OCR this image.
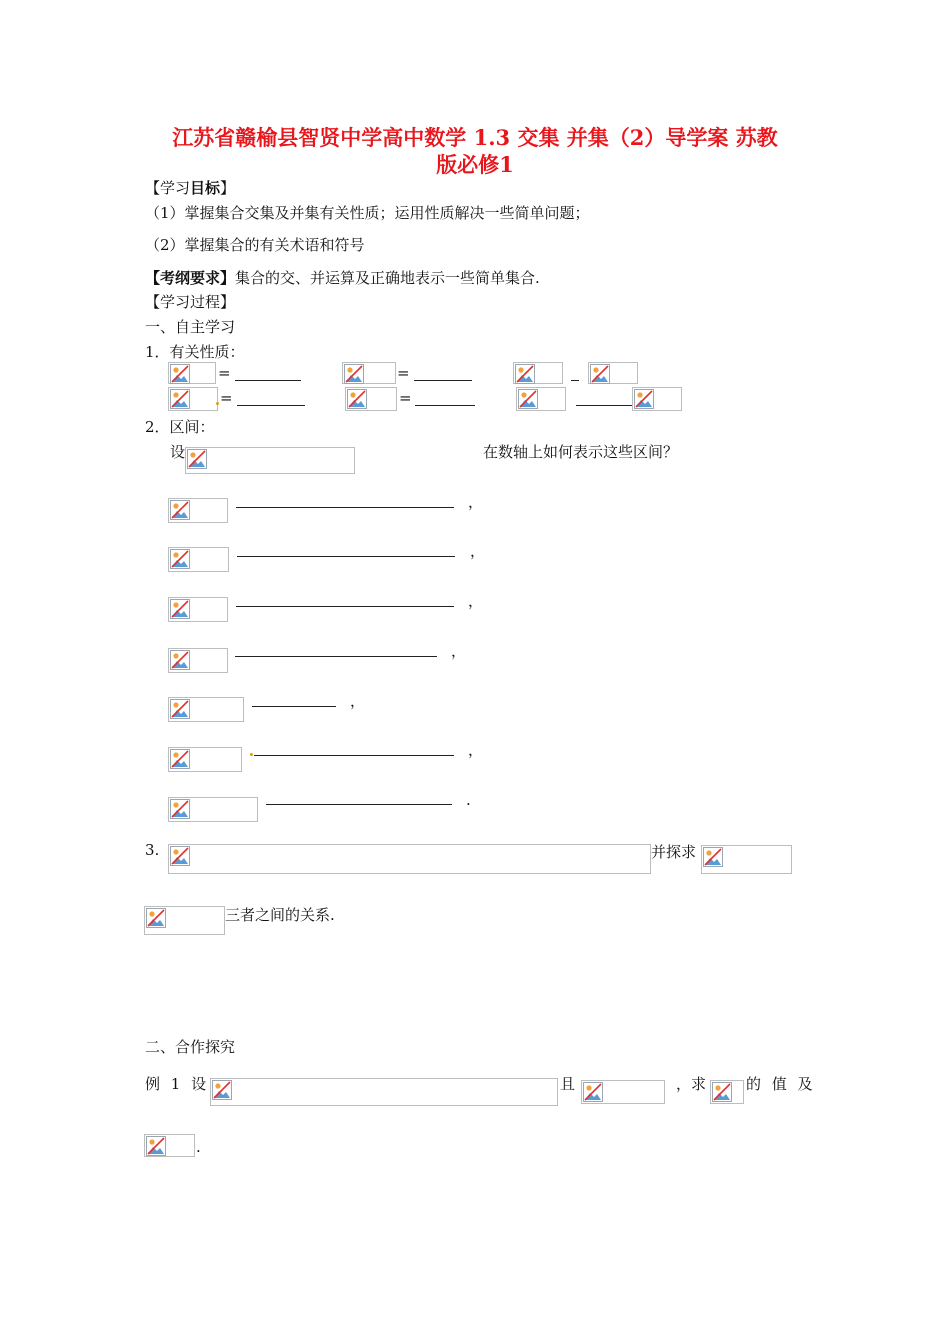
江苏省赣榆县智贤中学高中数学 1.3 交集 并集（2）导学案 苏教
版必修1
【学习目标】
（1）掌握集合交集及并集有关性质；运用性质解决一些简单问题；
（2）掌握集合的有关术语和符号
【考纲要求】集合的交、并运算及正确地表示一些简单集合.
【学习过程】
一、自主学习
1．有关性质：
=	=
=	=
2．区间：
设	在数轴上如何表示这些区间？
，
，
，
，
，
，
.
3.	并探求
三者之间的关系.
二、合作探究
例 1 设	且	，求	的 值 及
.
